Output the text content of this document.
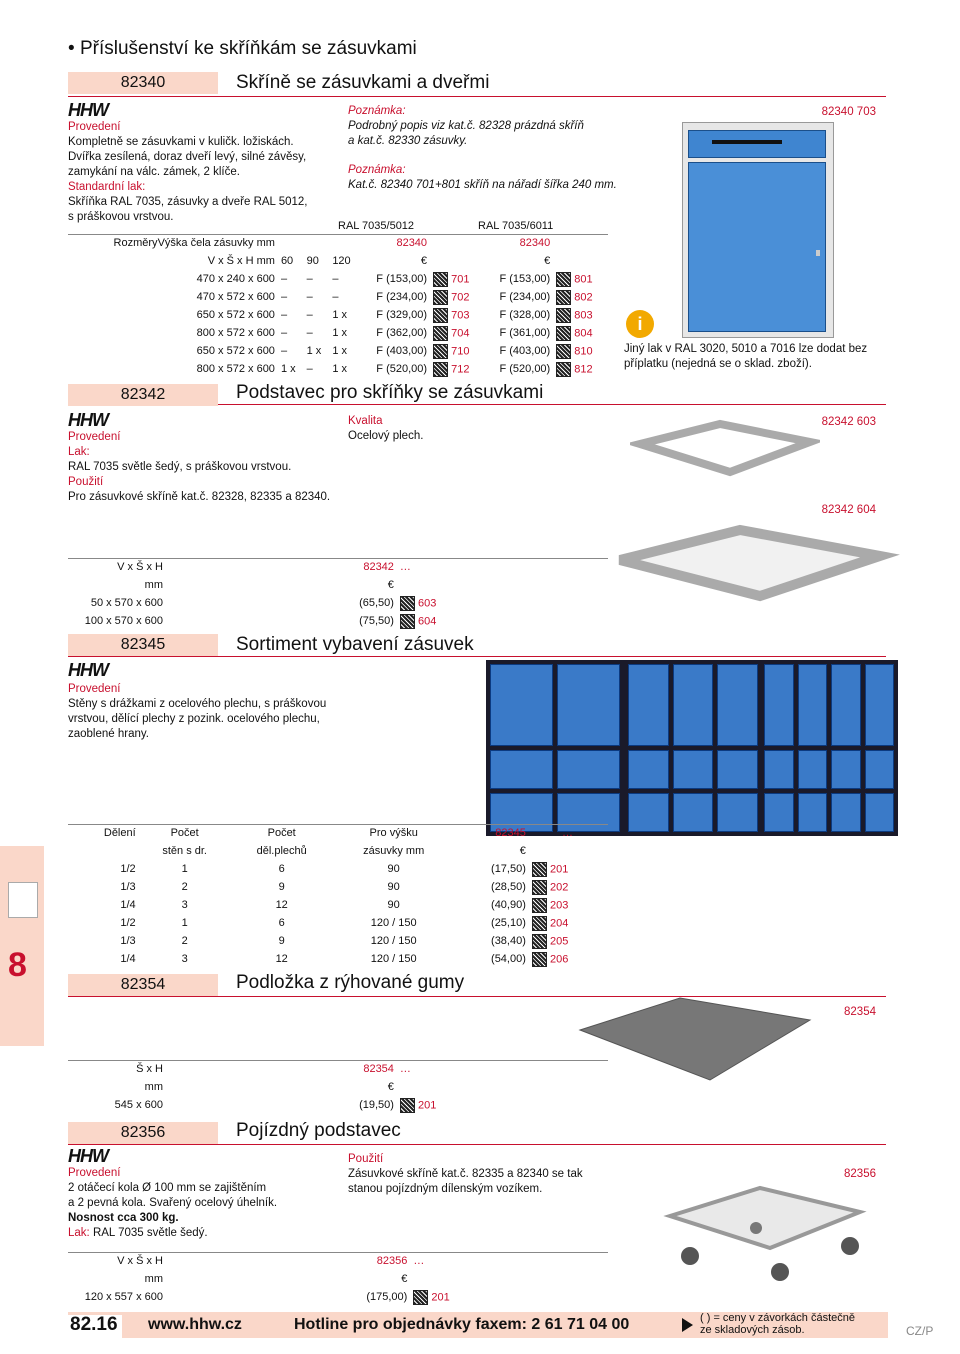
• Příslušenství ke skříňkám se zásuvkami
82340	Skříně se zásuvkami a dveřmi
HHW
Provedení
Kompletně se zásuvkami v kuličk. ložiskách.
Dvířka zesílená, doraz dveří levý, silné závěsy,
zamykání na válc. zámek, 2 klíče.
Standardní lak:
Skříňka RAL 7035, zásuvky a dveře RAL 5012,
s práškovou vrstvou.
Poznámka:
Podrobný popis viz kat.č. 82328 prázdná skříň
a kat.č. 82330 zásuvky.
Poznámka:
Kat.č. 82340 701+801 skříň na nářadí šířka 240 mm.
82340 703
i
Jiný lak v RAL 3020, 5010 a 7016 lze dodat bez
příplatku (nejedná se o sklad. zboží).
RAL 7035/5012	RAL 7035/6011
RozměryVýška čela zásuvky mm				82340		82340	
V x Š x H mm	60	90	120	€		€	
470 x 240 x 600	–	–	–	F (153,00)	701	F (153,00)	801
470 x 572 x 600	–	–	–	F (234,00)	702	F (234,00)	802
650 x 572 x 600	–	–	1 x	F (329,00)	703	F (328,00)	803
800 x 572 x 600	–	–	1 x	F (362,00)	704	F (361,00)	804
650 x 572 x 600	–	1 x	1 x	F (403,00)	710	F (403,00)	810
800 x 572 x 600	1 x	–	1 x	F (520,00)	712	F (520,00)	812
82342	Podstavec pro skříňky se zásuvkami
HHW
Provedení
Lak:
RAL 7035 světle šedý, s práškovou vrstvou.
Použití
Pro zásuvkové skříně kat.č. 82328, 82335 a 82340.
Kvalita
Ocelový plech.
82342 603
82342 604
V x Š x H		82342	…
mm		€	
50 x 570 x 600		(65,50)	603
100 x 570 x 600		(75,50)	604
82345	Sortiment vybavení zásuvek
HHW
Provedení
Stěny s drážkami z ocelového plechu, s práškovou
vrstvou, dělící plechy z pozink. ocelového plechu,
zaoblené hrany.
Dělení	Počet	Počet	Pro výšku	82345	…
	stěn s dr.	děl.plechů	zásuvky mm	€	
1/2	1	6	90	(17,50)	201
1/3	2	9	90	(28,50)	202
1/4	3	12	90	(40,90)	203
1/2	1	6	120 / 150	(25,10)	204
1/3	2	9	120 / 150	(38,40)	205
1/4	3	12	120 / 150	(54,00)	206
8
82354	Podložka z rýhované gumy
82354
Š x H		82354	…
mm		€	
545 x 600		(19,50)	201
82356	Pojízdný podstavec
HHW
Provedení
2 otáčecí kola Ø 100 mm se zajištěním
a 2 pevná kola. Svařený ocelový úhelník.
Nosnost cca 300 kg.
Lak: RAL 7035 světle šedý.
Použití
Zásuvkové skříně kat.č. 82335 a 82340 se tak
stanou pojízdným dílenským vozíkem.
82356
V x Š x H		82356	…
mm		€	
120 x 557 x 600		(175,00)	201
82.16 www.hhw.cz	Hotline pro objednávky faxem: 2 61 71 04 00	( ) = ceny v závorkách částečně
ze skladových zásob.	CZ/P
